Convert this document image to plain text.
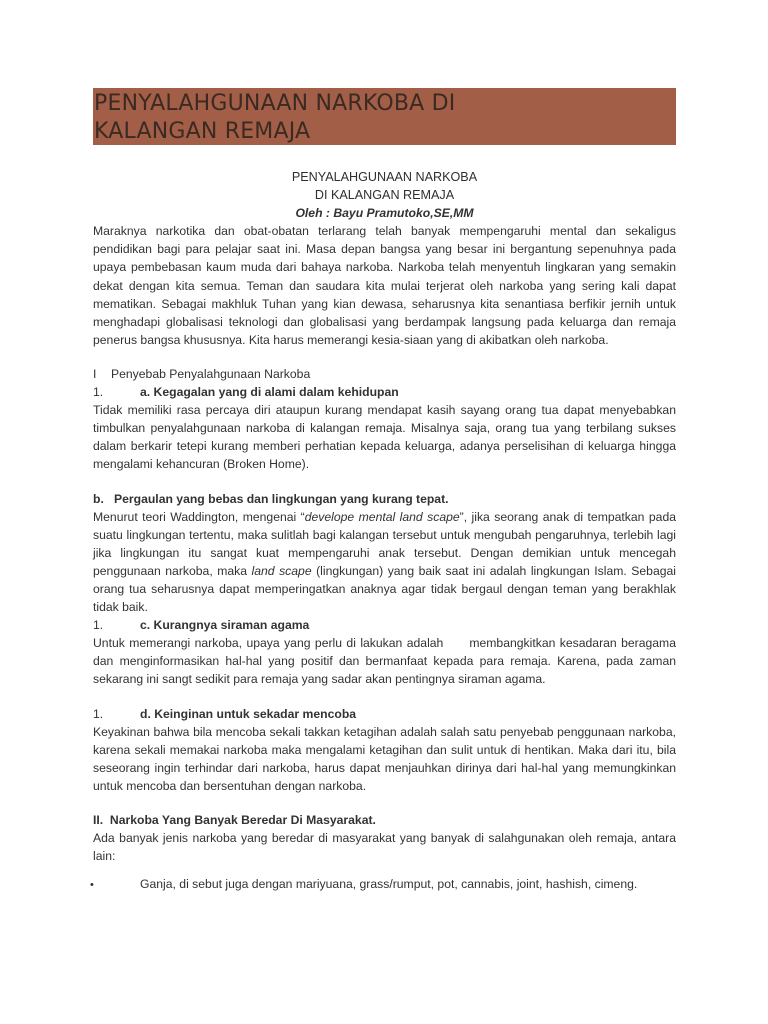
PENYALAHGUNAAN NARKOBA DI
KALANGAN REMAJA
PENYALAHGUNAAN NARKOBA
DI KALANGAN REMAJA
Oleh : Bayu Pramutoko,SE,MM

Maraknya narkotika dan obat-obatan terlarang telah banyak mempengaruhi mental dan sekaligus pendidikan bagi para pelajar saat ini. Masa depan bangsa yang besar ini bergantung sepenuhnya pada upaya pembebasan kaum muda dari bahaya narkoba. Narkoba telah menyentuh lingkaran yang semakin dekat dengan kita semua. Teman dan saudara kita mulai terjerat oleh narkoba yang sering kali dapat mematikan. Sebagai makhluk Tuhan yang kian dewasa, seharusnya kita senantiasa berfikir jernih untuk menghadapi globalisasi teknologi dan globalisasi yang berdampak langsung pada keluarga dan remaja penerus bangsa khususnya. Kita harus memerangi kesia-siaan yang di akibatkan oleh narkoba.

I	Penyebab Penyalahgunaan Narkoba
1.	a. Kegagalan yang di alami dalam kehidupan

Tidak memiliki rasa percaya diri ataupun kurang mendapat kasih sayang orang tua dapat menyebabkan timbulkan penyalahgunaan narkoba di kalangan remaja. Misalnya saja, orang tua yang terbilang sukses dalam berkarir tetepi kurang memberi perhatian kepada keluarga, adanya perselisihan di keluarga hingga mengalami kehancuran (Broken Home).

b.   Pergaulan yang bebas dan lingkungan yang kurang tepat.

Menurut teori Waddington, mengenai “develope mental land scape”, jika seorang anak di tempatkan pada suatu lingkungan tertentu, maka sulitlah bagi kalangan tersebut untuk mengubah pengaruhnya, terlebih lagi jika lingkungan itu sangat kuat mempengaruhi anak tersebut. Dengan demikian untuk mencegah penggunaan narkoba, maka land scape (lingkungan) yang baik saat ini adalah lingkungan Islam. Sebagai orang tua seharusnya dapat memperingatkan anaknya agar tidak bergaul dengan teman yang berakhlak tidak baik.

1.	c. Kurangnya siraman agama

Untuk memerangi narkoba, upaya yang perlu di lakukan adalah membangkitkan kesadaran beragama dan menginformasikan hal-hal yang positif dan bermanfaat kepada para remaja. Karena, pada zaman sekarang ini sangt sedikit para remaja yang sadar akan pentingnya siraman agama.

1.	d. Keinginan untuk sekadar mencoba

Keyakinan bahwa bila mencoba sekali takkan ketagihan adalah salah satu penyebab penggunaan narkoba, karena sekali memakai narkoba maka mengalami ketagihan dan sulit untuk di hentikan. Maka dari itu, bila seseorang ingin terhindar dari narkoba, harus dapat menjauhkan dirinya dari hal-hal yang memungkinkan untuk mencoba dan bersentuhan dengan narkoba.

II.  Narkoba Yang Banyak Beredar Di Masyarakat.

Ada banyak jenis narkoba yang beredar di masyarakat yang banyak di salahgunakan oleh remaja, antara lain:

•	Ganja, di sebut juga dengan mariyuana, grass/rumput, pot, cannabis, joint, hashish, cimeng.
